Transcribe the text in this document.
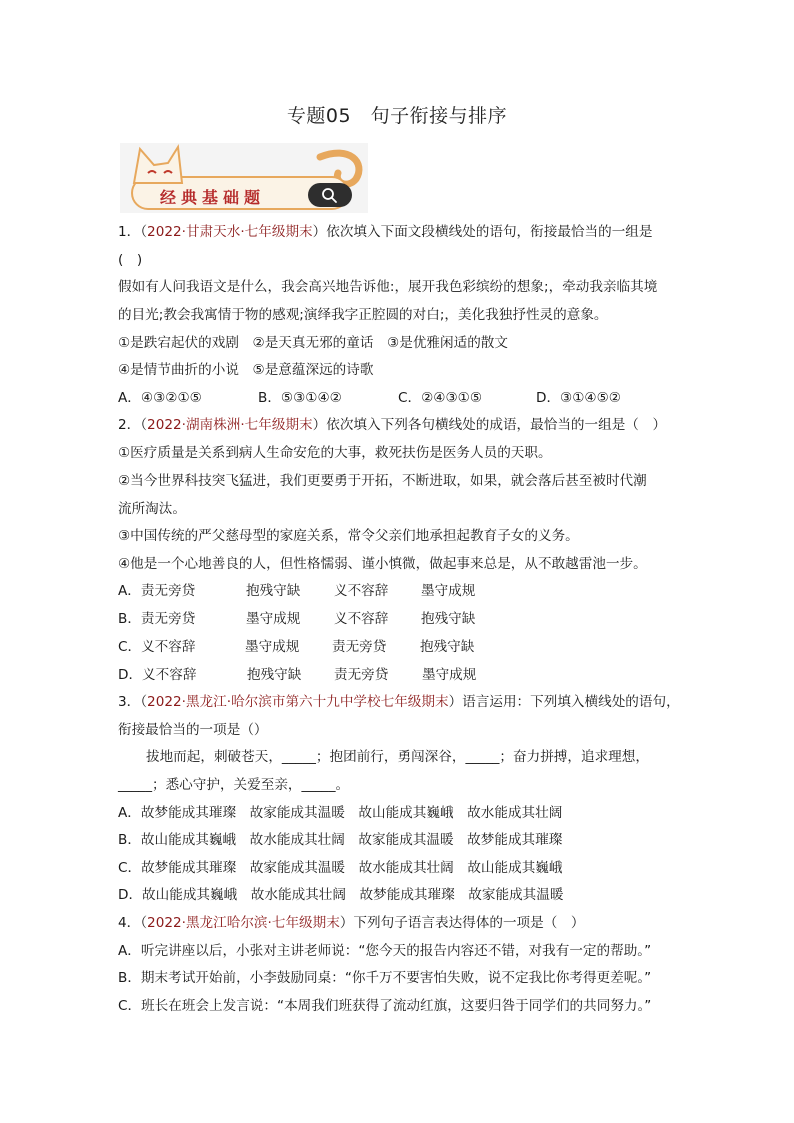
专题05　句子衔接与排序
经典基础题
1．（2022·甘肃天水·七年级期末）依次填入下面文段横线处的语句，衔接最恰当的一组是
(　)
假如有人问我语文是什么，我会高兴地告诉他:，展开我色彩缤纷的想象;，牵动我亲临其境
的目光;教会我寓情于物的感观;演绎我字正腔圆的对白;，美化我独抒性灵的意象。
①是跌宕起伏的戏剧　②是天真无邪的童话　③是优雅闲适的散文
④是情节曲折的小说　⑤是意蕴深远的诗歌
A．④③②①⑤	B．⑤③①④②	C．②④③①⑤	D．③①④⑤②
2．（2022·湖南株洲·七年级期末）依次填入下列各句横线处的成语，最恰当的一组是（　）
①医疗质量是关系到病人生命安危的大事，救死扶伤是医务人员的天职。
②当今世界科技突飞猛进，我们更要勇于开拓，不断进取，如果，就会落后甚至被时代潮
流所淘汰。
③中国传统的严父慈母型的家庭关系，常令父亲们地承担起教育子女的义务。
④他是一个心地善良的人，但性格懦弱、谨小慎微，做起事来总是，从不敢越雷池一步。
A．责无旁贷	抱残守缺 义不容辞 墨守成规
B．责无旁贷	墨守成规 义不容辞 抱残守缺
C．义不容辞	墨守成规 责无旁贷 抱残守缺
D．义不容辞	抱残守缺 责无旁贷 墨守成规
3．（2022·黑龙江·哈尔滨市第六十九中学校七年级期末）语言运用：下列填入横线处的语句，
衔接最恰当的一项是（）
拔地而起，刺破苍天，_____；抱团前行，勇闯深谷，_____；奋力拼搏，追求理想，
_____；悉心守护，关爱至亲，_____。
A．故梦能成其璀璨　故家能成其温暖　故山能成其巍峨　故水能成其壮阔
B．故山能成其巍峨　故水能成其壮阔　故家能成其温暖　故梦能成其璀璨
C．故梦能成其璀璨　故家能成其温暖　故水能成其壮阔　故山能成其巍峨
D．故山能成其巍峨　故水能成其壮阔　故梦能成其璀璨　故家能成其温暖
4．（2022·黑龙江哈尔滨·七年级期末）下列句子语言表达得体的一项是（　）
A．听完讲座以后，小张对主讲老师说：“您今天的报告内容还不错，对我有一定的帮助。”
B．期末考试开始前，小李鼓励同桌：“你千万不要害怕失败，说不定我比你考得更差呢。”
C．班长在班会上发言说：“本周我们班获得了流动红旗，这要归咎于同学们的共同努力。”
